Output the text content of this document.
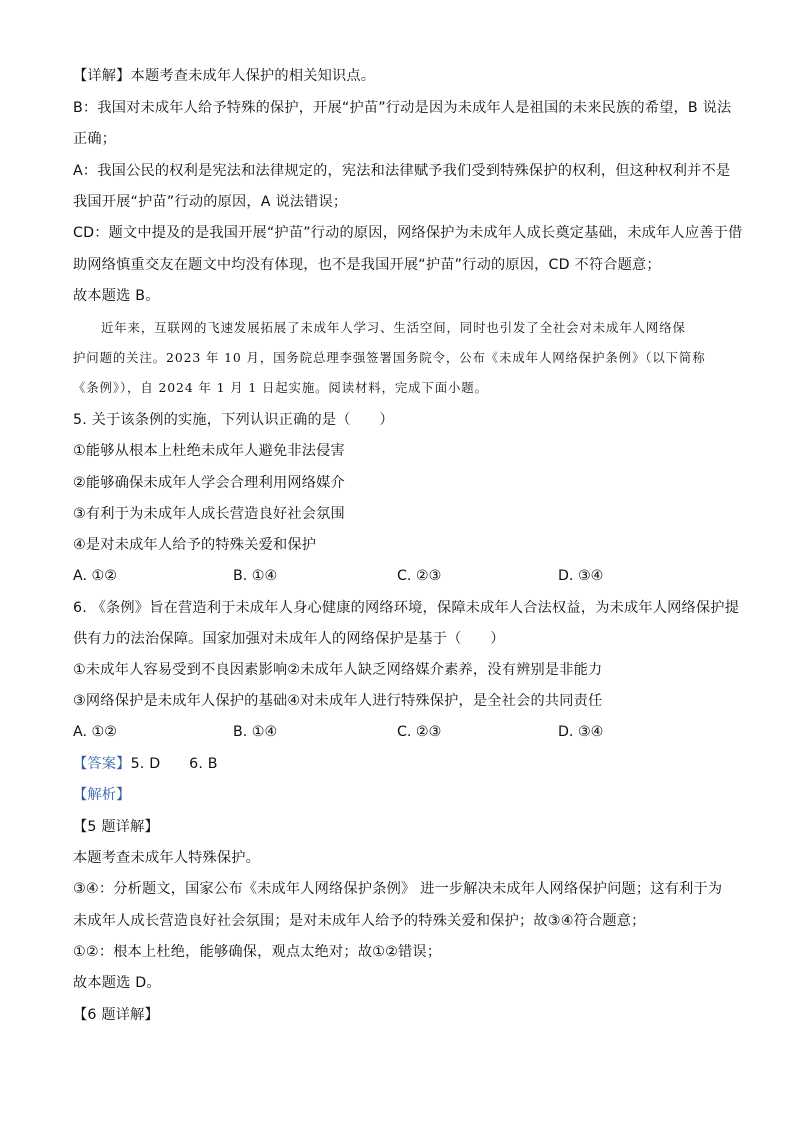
【详解】本题考查未成年人保护的相关知识点。
B：我国对未成年人给予特殊的保护，开展“护苗”行动是因为未成年人是祖国的未来民族的希望，B 说法
正确；
A：我国公民的权利是宪法和法律规定的，宪法和法律赋予我们受到特殊保护的权利，但这种权利并不是
我国开展“护苗”行动的原因，A 说法错误；
CD：题文中提及的是我国开展“护苗”行动的原因，网络保护为未成年人成长奠定基础，未成年人应善于借
助网络慎重交友在题文中均没有体现，也不是我国开展“护苗”行动的原因，CD 不符合题意；
故本题选 B。
近年来，互联网的飞速发展拓展了未成年人学习、生活空间，同时也引发了全社会对未成年人网络保
护问题的关注。2023 年 10 月，国务院总理李强签署国务院令，公布《未成年人网络保护条例》（以下简称
《条例》），自 2024 年 1 月 1 日起实施。阅读材料，完成下面小题。
5. 关于该条例的实施，下列认识正确的是（　　）
①能够从根本上杜绝未成年人避免非法侵害
②能够确保未成年人学会合理利用网络媒介
③有利于为未成年人成长营造良好社会氛围
④是对未成年人给予的特殊关爱和保护
A. ①②	B. ①④	C. ②③	D. ③④
6. 《条例》旨在营造利于未成年人身心健康的网络环境，保障未成年人合法权益，为未成年人网络保护提
供有力的法治保障。国家加强对未成年人的网络保护是基于（　　）
①未成年人容易受到不良因素影响②未成年人缺乏网络媒介素养，没有辨别是非能力
③网络保护是未成年人保护的基础④对未成年人进行特殊保护，是全社会的共同责任
A. ①②	B. ①④	C. ②③	D. ③④
【答案】5. D　　6. B
【解析】
【5 题详解】
本题考查未成年人特殊保护。
③④：分析题文，国家公布《未成年人网络保护条例》 进一步解决未成年人网络保护问题；这有利于为
未成年人成长营造良好社会氛围；是对未成年人给予的特殊关爱和保护；故③④符合题意；
①②：根本上杜绝，能够确保，观点太绝对；故①②错误；
故本题选 D。
【6 题详解】
